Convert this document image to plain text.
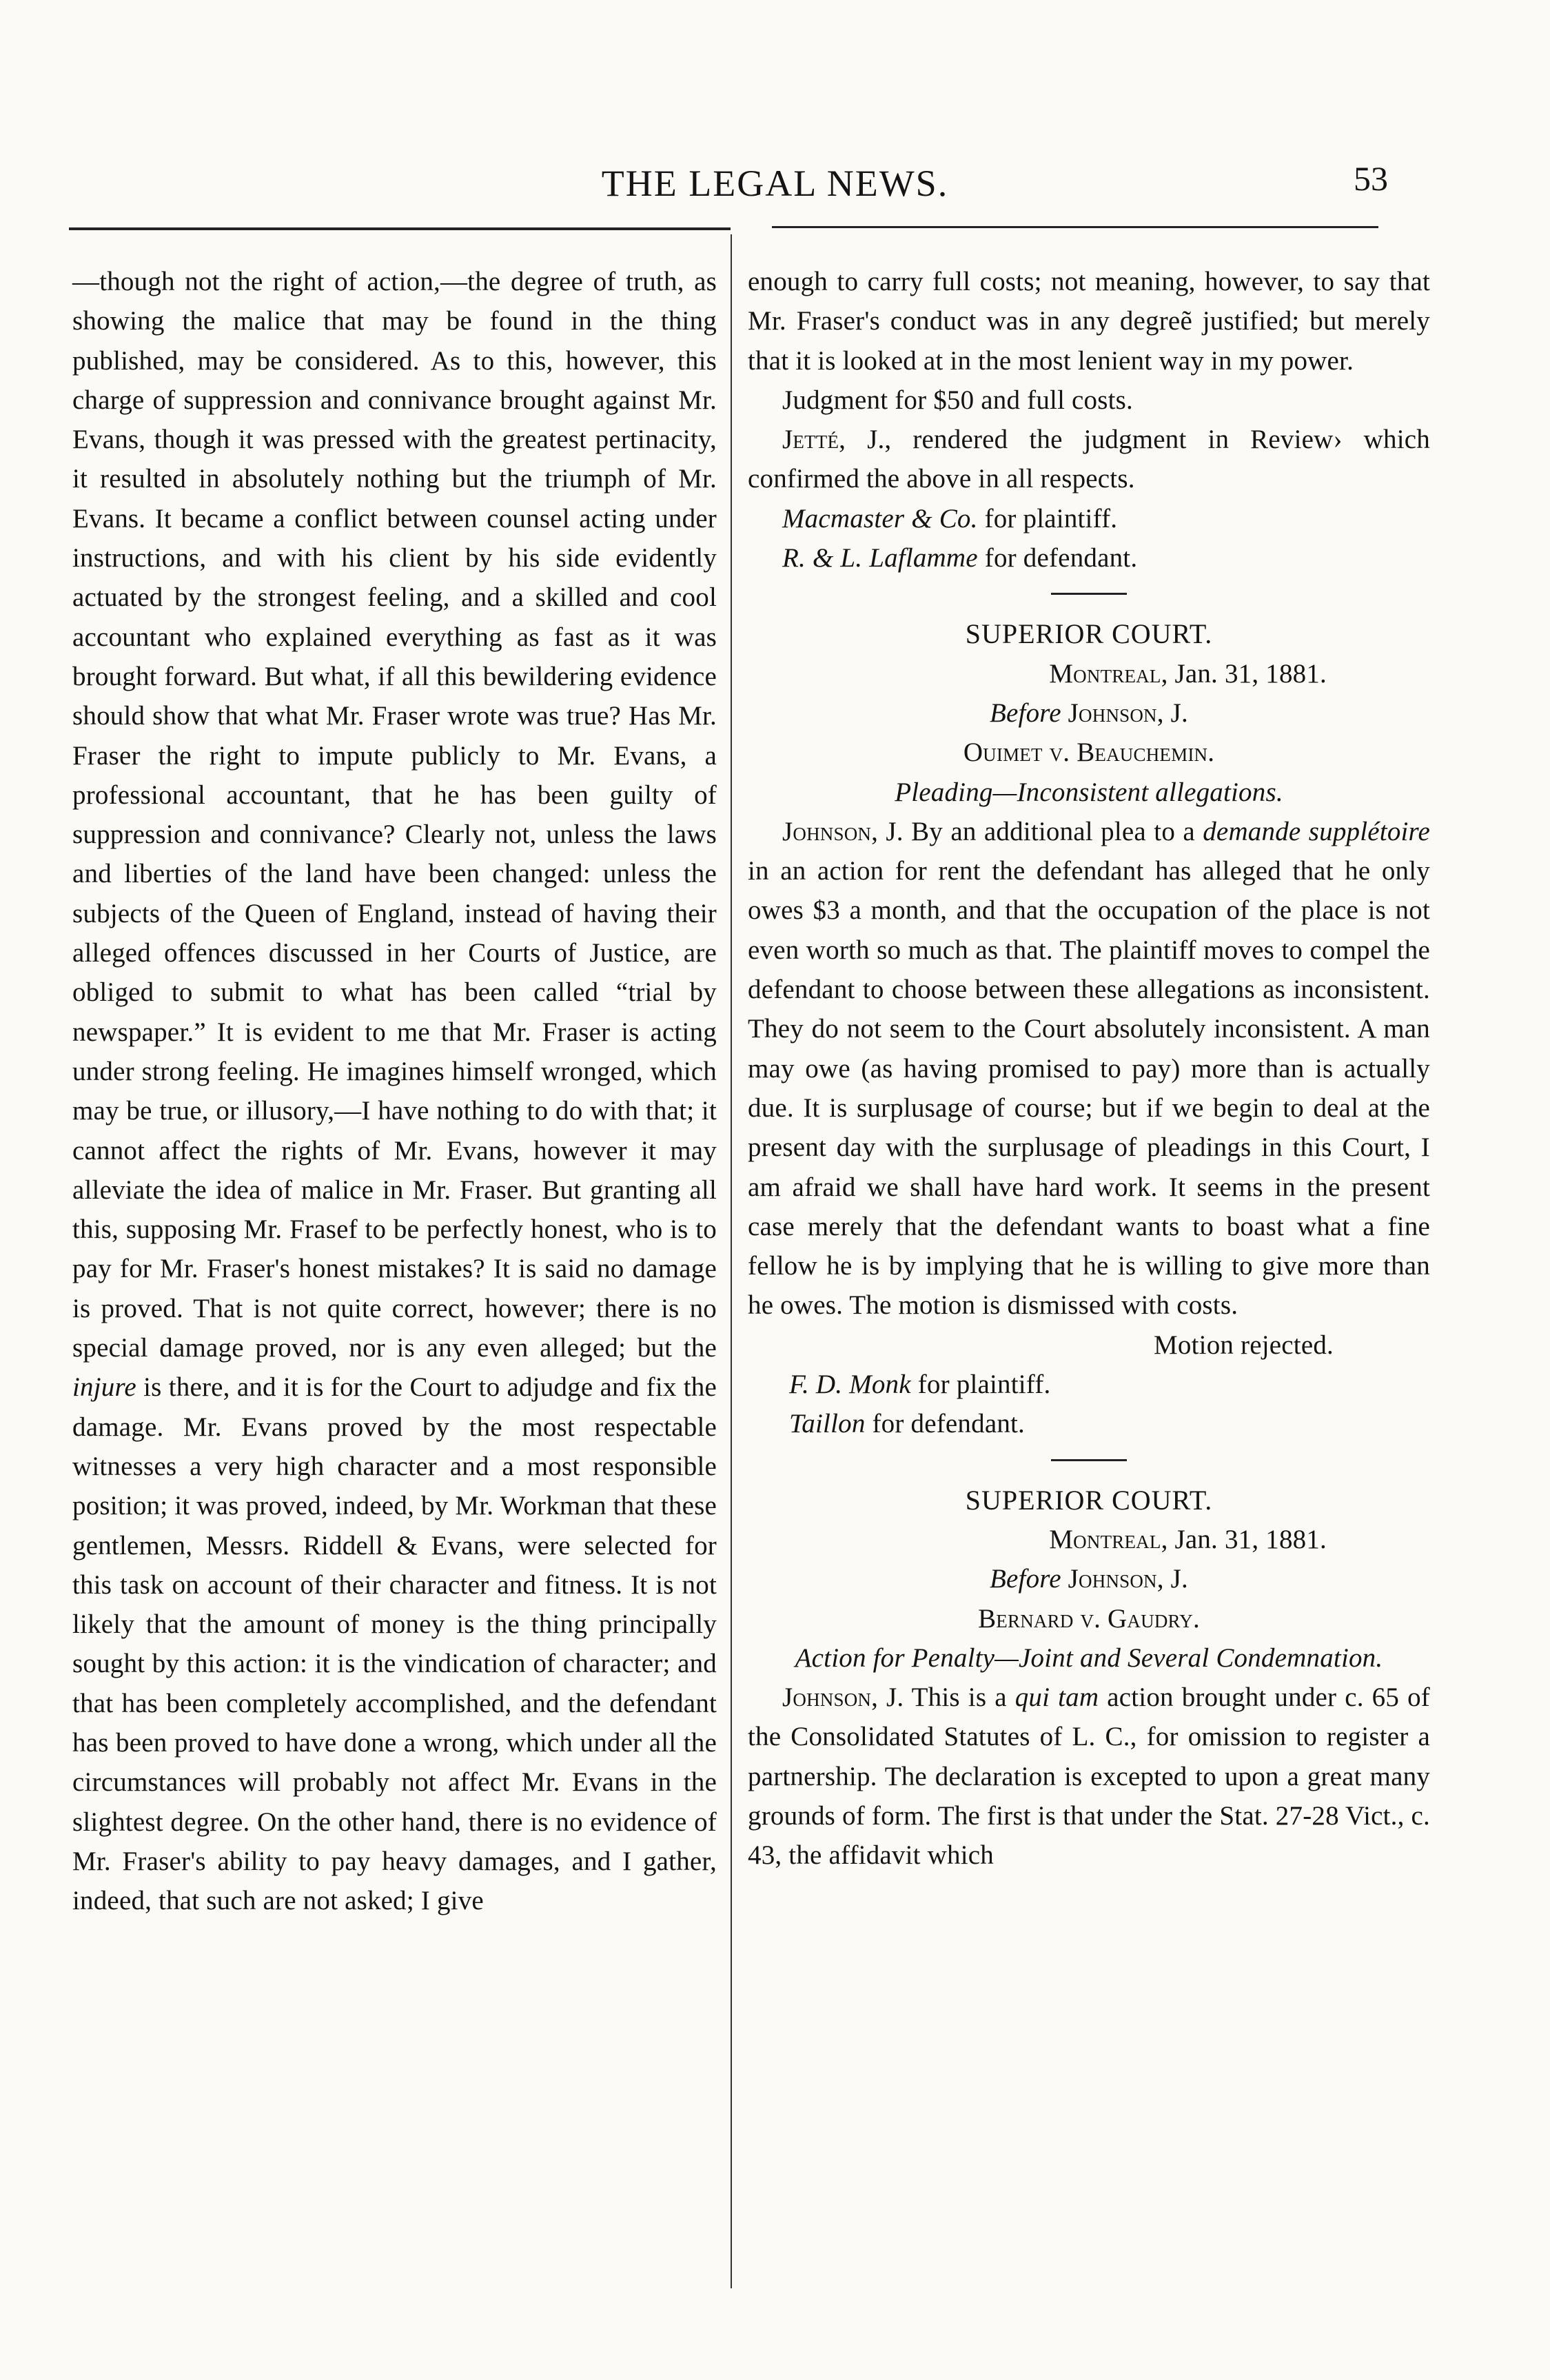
THE LEGAL NEWS.	53

—though not the right of action,—the degree of truth, as showing the malice that may be found in the thing published, may be considered. As to this, however, this charge of suppression and connivance brought against Mr. Evans, though it was pressed with the greatest pertinacity, it resulted in absolutely nothing but the triumph of Mr. Evans. It became a conflict between counsel acting under instructions, and with his client by his side evidently actuated by the strongest feeling, and a skilled and cool accountant who explained everything as fast as it was brought forward. But what, if all this bewildering evidence should show that what Mr. Fraser wrote was true? Has Mr. Fraser the right to impute publicly to Mr. Evans, a professional accountant, that he has been guilty of suppression and connivance? Clearly not, unless the laws and liberties of the land have been changed: unless the subjects of the Queen of England, instead of having their alleged offences discussed in her Courts of Justice, are obliged to submit to what has been called “trial by newspaper.” It is evident to me that Mr. Fraser is acting under strong feeling. He imagines himself wronged, which may be true, or illusory,—I have nothing to do with that; it cannot affect the rights of Mr. Evans, however it may alleviate the idea of malice in Mr. Fraser. But granting all this, supposing Mr. Frasef to be perfectly honest, who is to pay for Mr. Fraser's honest mistakes? It is said no damage is proved. That is not quite correct, however; there is no special damage proved, nor is any even alleged; but the injure is there, and it is for the Court to adjudge and fix the damage. Mr. Evans proved by the most respectable witnesses a very high character and a most responsible position; it was proved, indeed, by Mr. Workman that these gentlemen, Messrs. Riddell & Evans, were selected for this task on account of their character and fitness. It is not likely that the amount of money is the thing principally sought by this action: it is the vindication of character; and that has been completely accomplished, and the defendant has been proved to have done a wrong, which under all the circumstances will probably not affect Mr. Evans in the slightest degree. On the other hand, there is no evidence of Mr. Fraser's ability to pay heavy damages, and I gather, indeed, that such are not asked; I give

enough to carry full costs; not meaning, however, to say that Mr. Fraser's conduct was in any degreẽ justified; but merely that it is looked at in the most lenient way in my power.

Judgment for $50 and full costs.

Jetté, J., rendered the judgment in Review› which confirmed the above in all respects.

Macmaster & Co. for plaintiff.

R. & L. Laflamme for defendant.

SUPERIOR COURT.

Montreal, Jan. 31, 1881.

Before Johnson, J.

Ouimet v. Beauchemin.

Pleading—Inconsistent allegations.

Johnson, J. By an additional plea to a demande supplétoire in an action for rent the defendant has alleged that he only owes $3 a month, and that the occupation of the place is not even worth so much as that. The plaintiff moves to compel the defendant to choose between these allegations as inconsistent. They do not seem to the Court absolutely inconsistent. A man may owe (as having promised to pay) more than is actually due. It is surplusage of course; but if we begin to deal at the present day with the surplusage of pleadings in this Court, I am afraid we shall have hard work. It seems in the present case merely that the defendant wants to boast what a fine fellow he is by implying that he is willing to give more than he owes. The motion is dismissed with costs.

Motion rejected.

F. D. Monk for plaintiff.

Taillon for defendant.

SUPERIOR COURT.

Montreal, Jan. 31, 1881.

Before Johnson, J.

Bernard v. Gaudry.

Action for Penalty—Joint and Several Condemnation.

Johnson, J. This is a qui tam action brought under c. 65 of the Consolidated Statutes of L. C., for omission to register a partnership. The declaration is excepted to upon a great many grounds of form. The first is that under the Stat. 27-28 Vict., c. 43, the affidavit which
